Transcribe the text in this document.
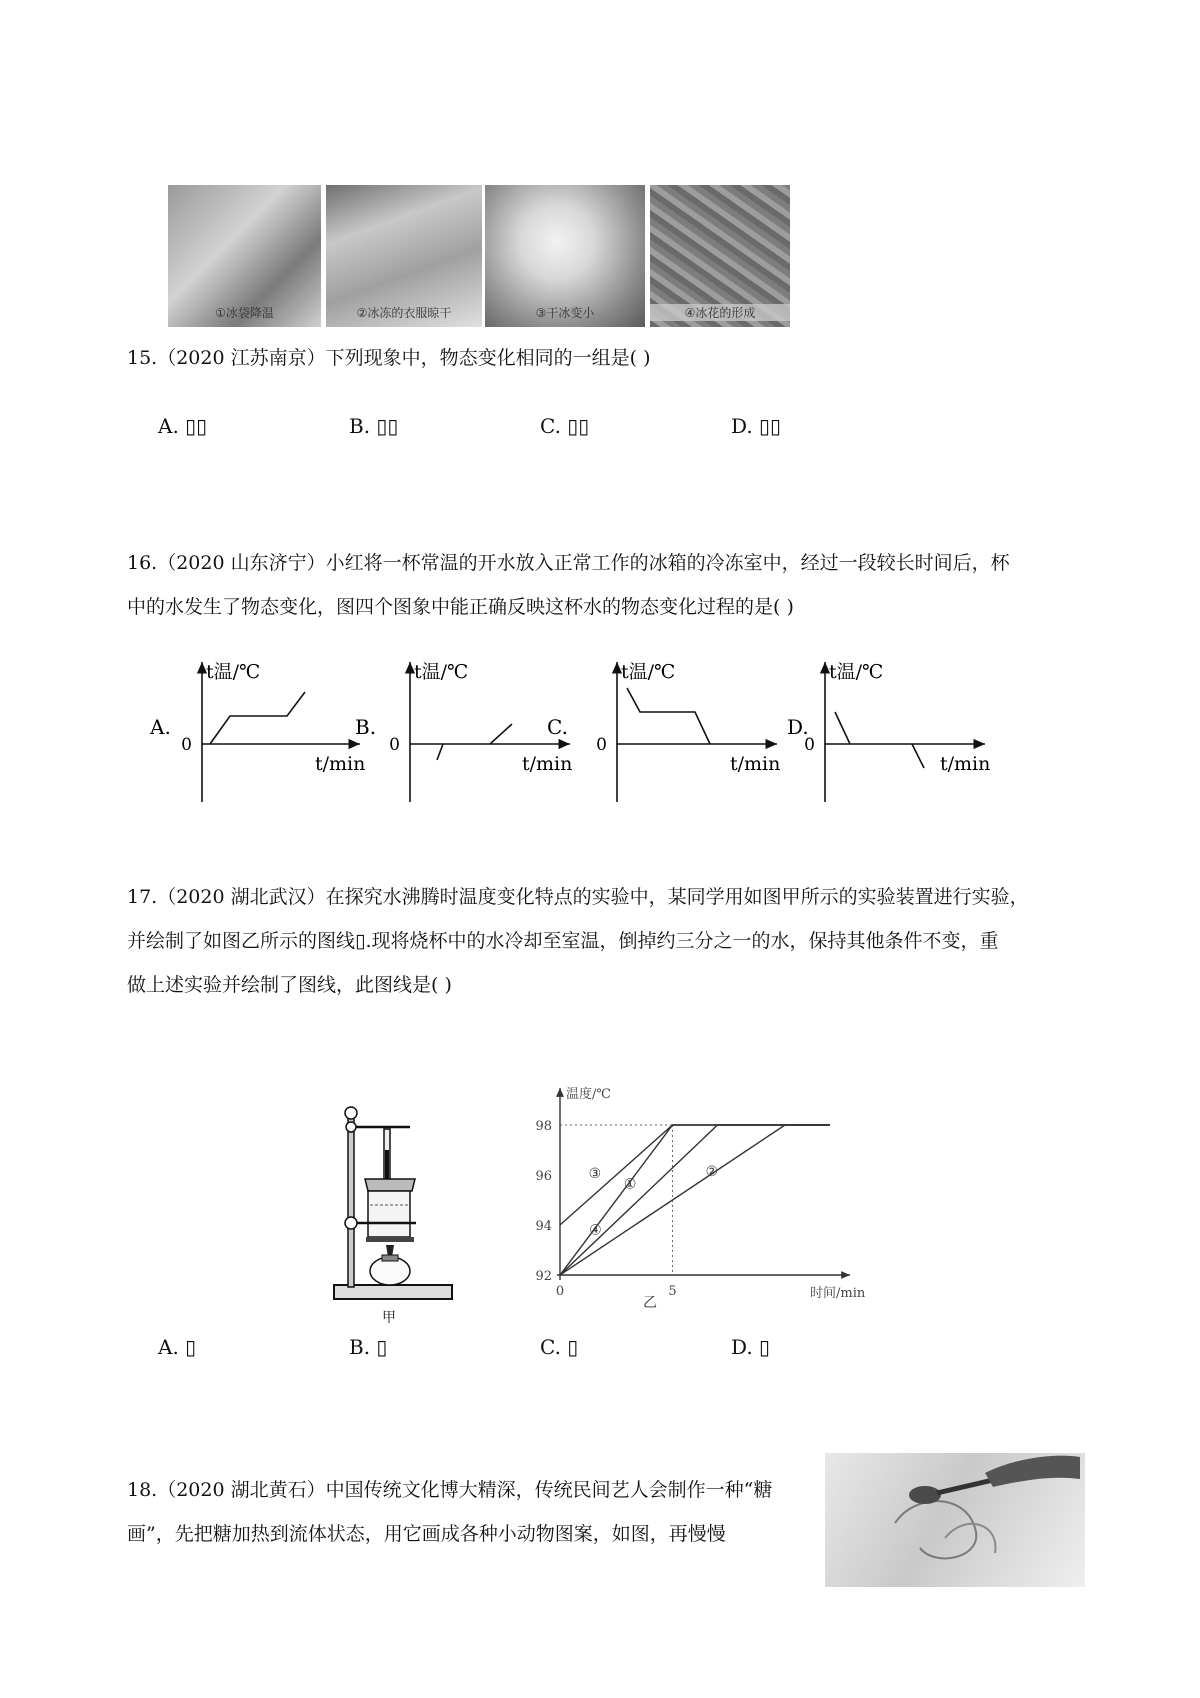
①冰袋降温	②冰冻的衣服晾干	③干冰变小	④冰花的形成
15.（2020 江苏南京）下列现象中，物态变化相同的一组是( )
A. ▯▯	B. ▯▯	C. ▯▯	D. ▯▯
16.（2020 山东济宁）小红将一杯常温的开水放入正常工作的冰箱的冷冻室中，经过一段较长时间后，杯
中的水发生了物态变化，图四个图象中能正确反映这杯水的物态变化过程的是( )
A.
t温/℃
0
t/min
B.
t温/℃
0
t/min
C.
t温/℃
0
t/min
D.
t温/℃
0
t/min
17.（2020 湖北武汉）在探究水沸腾时温度变化特点的实验中，某同学用如图甲所示的实验装置进行实验，
并绘制了如图乙所示的图线▯.现将烧杯中的水冷却至室温，倒掉约三分之一的水，保持其他条件不变，重
做上述实验并绘制了图线，此图线是( )
甲
温度/℃
时间/min
92
94
96
98
0	5
①
②
③
④
乙
A. ▯	B. ▯	C. ▯	D. ▯
18.（2020 湖北黄石）中国传统文化博大精深，传统民间艺人会制作一种“糖
画”，先把糖加热到流体状态，用它画成各种小动物图案，如图，再慢慢
